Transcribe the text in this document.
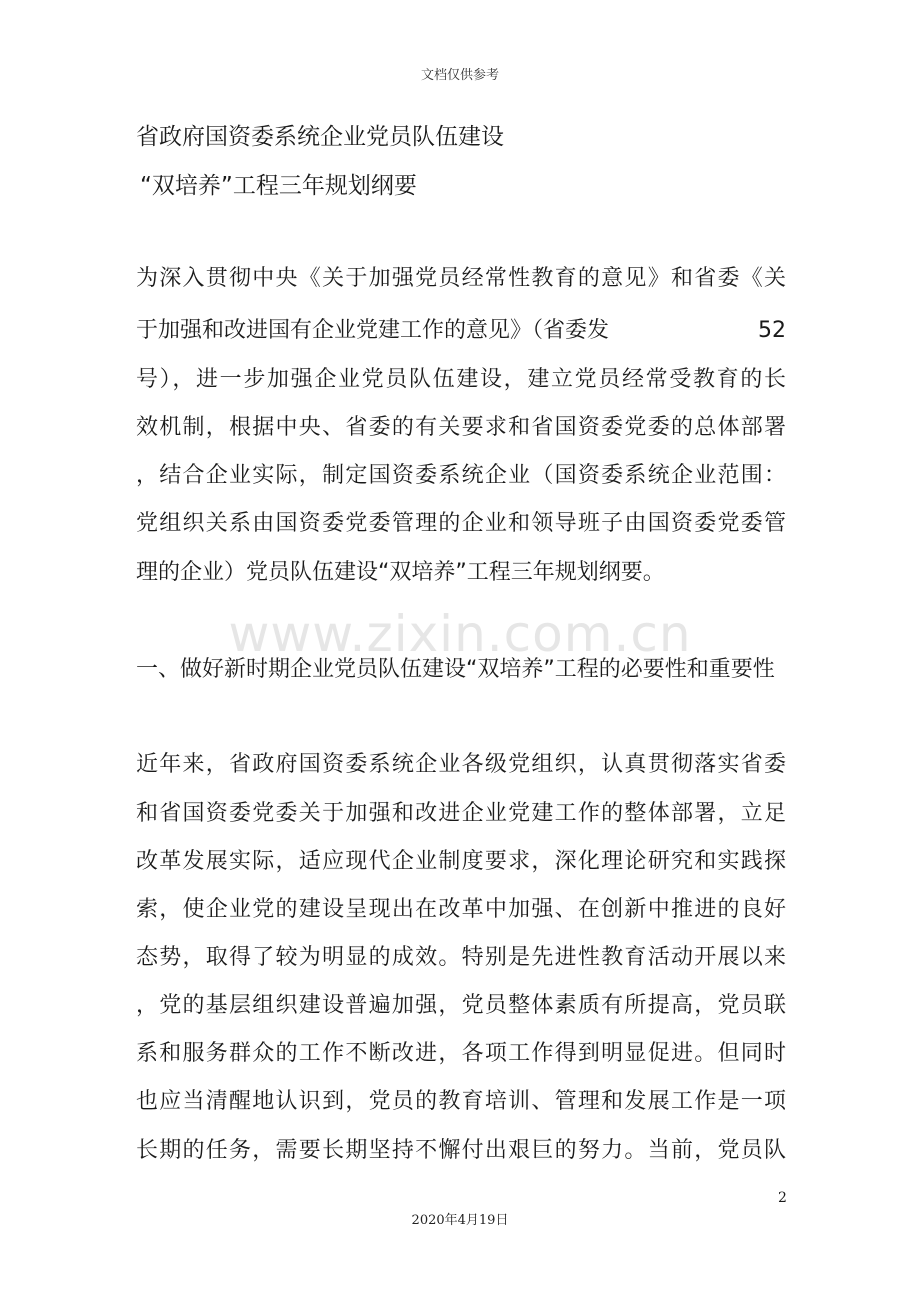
文档仅供参考
省政府国资委系统企业党员队伍建设
“双培养”工程三年规划纲要
为深入贯彻中央《关于加强党员经常性教育的意见》和省委《关
于加强和改进国有企业党建工作的意见》（省委发	52
号），进一步加强企业党员队伍建设，建立党员经常受教育的长
效机制，根据中央、省委的有关要求和省国资委党委的总体部署
，结合企业实际，制定国资委系统企业（国资委系统企业范围：
党组织关系由国资委党委管理的企业和领导班子由国资委党委管
理的企业）党员队伍建设“双培养”工程三年规划纲要。
www.zixin.com.cn
一、做好新时期企业党员队伍建设“双培养”工程的必要性和重要性
近年来，省政府国资委系统企业各级党组织，认真贯彻落实省委
和省国资委党委关于加强和改进企业党建工作的整体部署，立足
改革发展实际，适应现代企业制度要求，深化理论研究和实践探
索，使企业党的建设呈现出在改革中加强、在创新中推进的良好
态势，取得了较为明显的成效。特别是先进性教育活动开展以来
，党的基层组织建设普遍加强，党员整体素质有所提高，党员联
系和服务群众的工作不断改进，各项工作得到明显促进。但同时
也应当清醒地认识到，党员的教育培训、管理和发展工作是一项
长期的任务，需要长期坚持不懈付出艰巨的努力。当前，党员队
2
2020年4月19日
